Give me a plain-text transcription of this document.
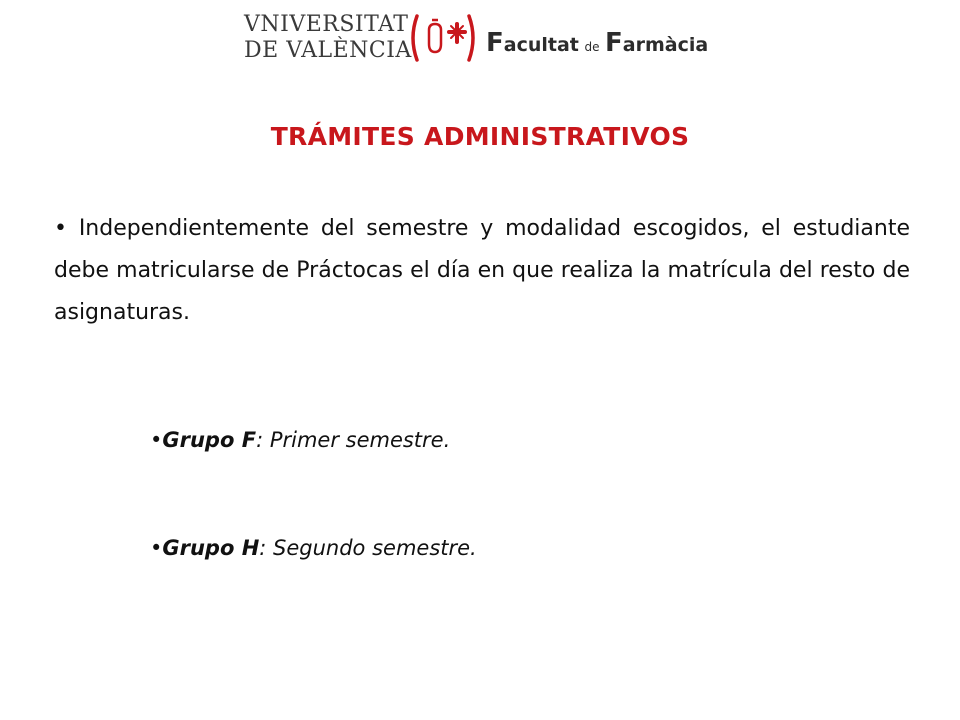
VNIVERSITAT
DE VALÈNCIA	Facultat de Farmàcia
TRÁMITES ADMINISTRATIVOS
• Independientemente del semestre y modalidad escogidos, el estudiante debe matricularse de Práctocas el día en que realiza la matrícula del resto de asignaturas.
•Grupo F: Primer semestre.
•Grupo H: Segundo semestre.
